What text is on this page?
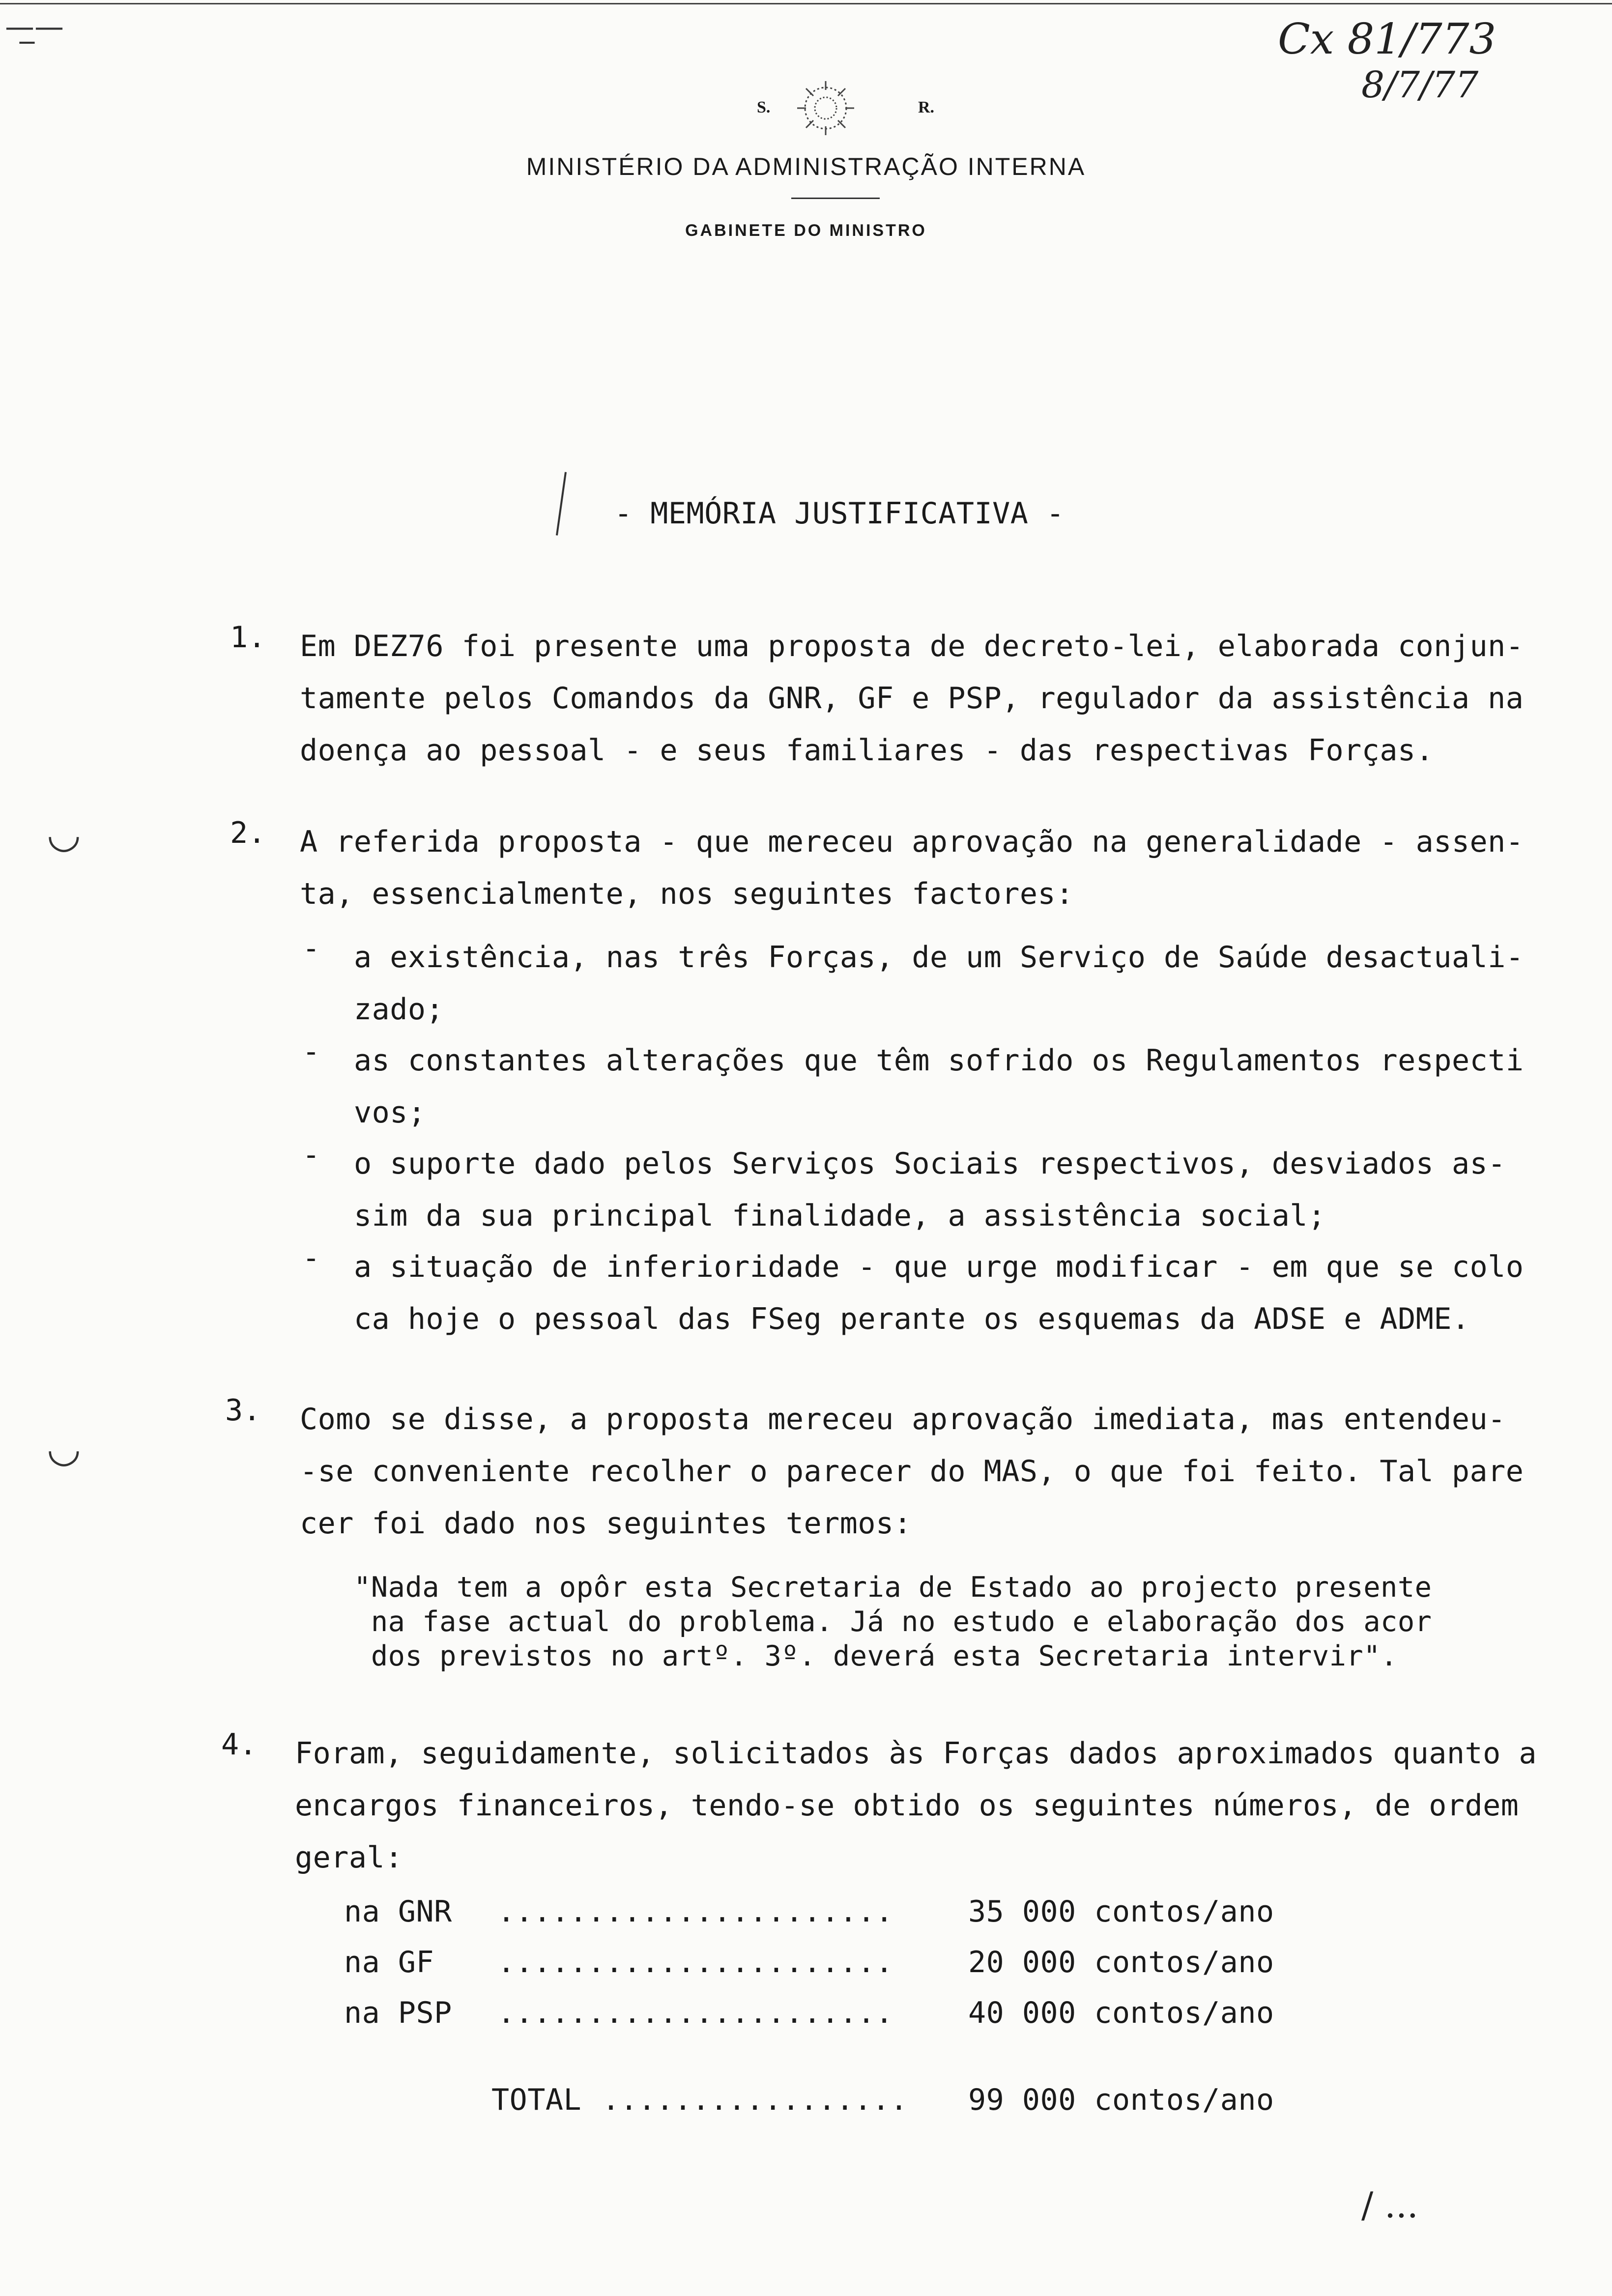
Cx 81/773
8/7/77
—̲—
◡
◡
S.	R.
MINISTÉRIO DA ADMINISTRAÇÃO INTERNA
GABINETE DO MINISTRO
- MEMÓRIA JUSTIFICATIVA -
1. Em DEZ76 foi presente uma proposta de decreto-lei, elaborada conjun-
tamente pelos Comandos da GNR, GF e PSP, regulador da assistência na
doença ao pessoal - e seus familiares - das respectivas Forças.
2. A referida proposta - que mereceu aprovação na generalidade - assen-
ta, essencialmente, nos seguintes factores:
- a existência, nas três Forças, de um Serviço de Saúde desactuali-
zado;
- as constantes alterações que têm sofrido os Regulamentos respecti
vos;
- o suporte dado pelos Serviços Sociais respectivos, desviados as-
sim da sua principal finalidade, a assistência social;
- a situação de inferioridade - que urge modificar - em que se colo
ca hoje o pessoal das FSeg perante os esquemas da ADSE e ADME.
3. Como se disse, a proposta mereceu aprovação imediata, mas entendeu-
-se conveniente recolher o parecer do MAS, o que foi feito. Tal pare
cer foi dado nos seguintes termos:
"Nada tem a opôr esta Secretaria de Estado ao projecto presente
na fase actual do problema. Já no estudo e elaboração dos acor
dos previstos no artº. 3º. deverá esta Secretaria intervir".
4. Foram, seguidamente, solicitados às Forças dados aproximados quanto a
encargos financeiros, tendo-se obtido os seguintes números, de ordem
geral:
na GNR ......................	35 000 contos/ano
na GF ......................	20 000 contos/ano
na PSP ......................	40 000 contos/ano
TOTAL ................. 99 000 contos/ano
/ ...
